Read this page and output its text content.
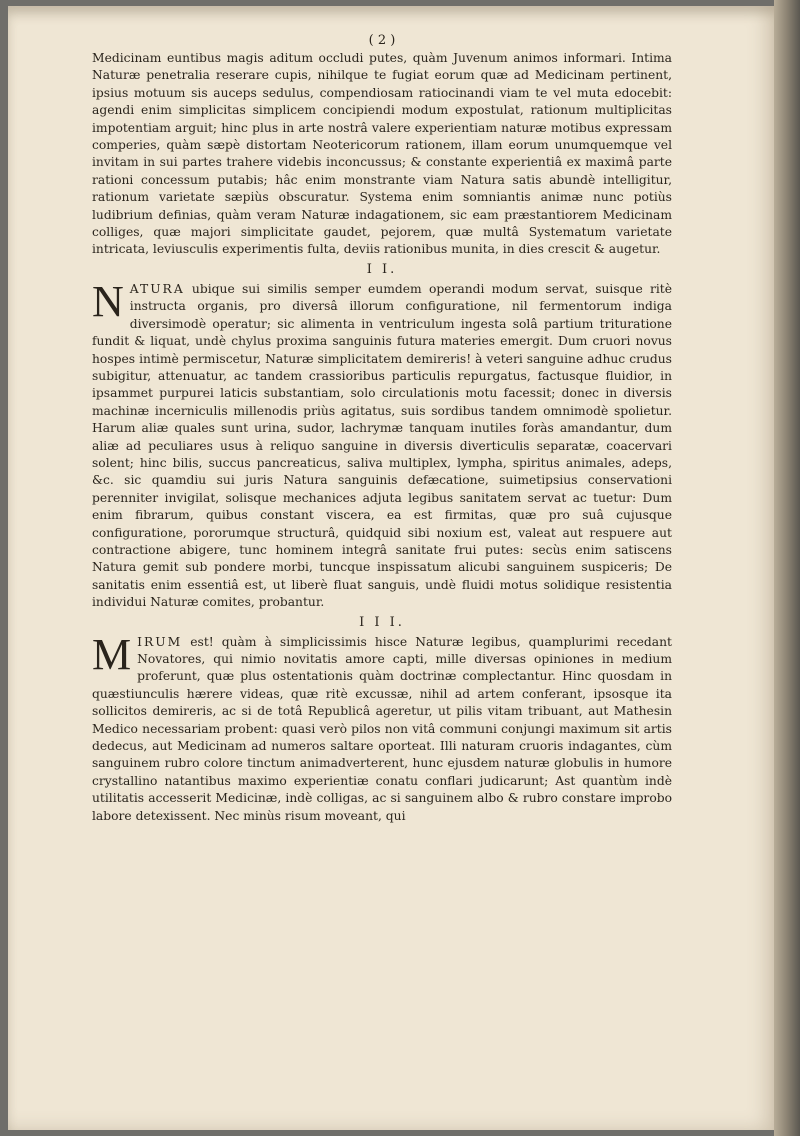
( 2 )

Medicinam euntibus magis aditum occludi putes, quàm Juvenum animos informari. Intima Naturæ penetralia reserare cupis, nihilque te fugiat eorum quæ ad Medicinam pertinent, ipsius motuum sis auceps sedulus, compendiosam ratiocinandi viam te vel muta edocebit: agendi enim simplicitas simplicem concipiendi modum expostulat, rationum multiplicitas impotentiam arguit; hinc plus in arte nostrâ valere experientiam naturæ motibus expressam comperies, quàm sæpè distortam Neotericorum rationem, illam eorum unumquemque vel invitam in sui partes trahere videbis inconcussus; & constante experientiâ ex maximâ parte rationi concessum putabis; hâc enim monstrante viam Natura satis abundè intelligitur, rationum varietate sæpiùs obscuratur. Systema enim somniantis animæ nunc potiùs ludibrium definias, quàm veram Naturæ indagationem, sic eam præstantiorem Medicinam colliges, quæ majori simplicitate gaudet, pejorem, quæ multâ Systematum varietate intricata, leviusculis experimentis fulta, deviis rationibus munita, in dies crescit & augetur.

I I.

NATURA ubique sui similis semper eumdem operandi modum servat, suisque ritè instructa organis, pro diversâ illorum configuratione, nil fermentorum indiga diversimodè operatur; sic alimenta in ventriculum ingesta solâ partium trituratione fundit & liquat, undè chylus proxima sanguinis futura materies emergit. Dum cruori novus hospes intimè permiscetur, Naturæ simplicitatem demireris! à veteri sanguine adhuc crudus subigitur, attenuatur, ac tandem crassioribus particulis repurgatus, factusque fluidior, in ipsammet purpurei laticis substantiam, solo circulationis motu facessit; donec in diversis machinæ incerniculis millenodis priùs agitatus, suis sordibus tandem omnimodè spolietur. Harum aliæ quales sunt urina, sudor, lachrymæ tanquam inutiles foràs amandantur, dum aliæ ad peculiares usus à reliquo sanguine in diversis diverticulis separatæ, coacervari solent; hinc bilis, succus pancreaticus, saliva multiplex, lympha, spiritus animales, adeps, &c. sic quamdiu sui juris Natura sanguinis defæcatione, suimetipsius conservationi perenniter invigilat, solisque mechanices adjuta legibus sanitatem servat ac tuetur: Dum enim fibrarum, quibus constant viscera, ea est firmitas, quæ pro suâ cujusque configuratione, pororumque structurâ, quidquid sibi noxium est, valeat aut respuere aut contractione abigere, tunc hominem integrâ sanitate frui putes: secùs enim satiscens Natura gemit sub pondere morbi, tuncque inspissatum alicubi sanguinem suspiceris; De sanitatis enim essentiâ est, ut liberè fluat sanguis, undè fluidi motus solidique resistentia individui Naturæ comites, probantur.

I I I.

MIRUM est! quàm à simplicissimis hisce Naturæ legibus, quamplurimi recedant Novatores, qui nimio novitatis amore capti, mille diversas opiniones in medium proferunt, quæ plus ostentationis quàm doctrinæ complectantur. Hinc quosdam in quæstiunculis hærere videas, quæ ritè excussæ, nihil ad artem conferant, ipsosque ita sollicitos demireris, ac si de totâ Republicâ ageretur, ut pilis vitam tribuant, aut Mathesin Medico necessariam probent: quasi verò pilos non vitâ communi conjungi maximum sit artis dedecus, aut Medicinam ad numeros saltare oporteat. Illi naturam cruoris indagantes, cùm sanguinem rubro colore tinctum animadverterent, hunc ejusdem naturæ globulis in humore crystallino natantibus maximo experientiæ conatu conflari judicarunt; Ast quantùm indè utilitatis accesserit Medicinæ, indè colligas, ac si sanguinem albo & rubro constare improbo labore detexissent. Nec minùs risum moveant, qui
